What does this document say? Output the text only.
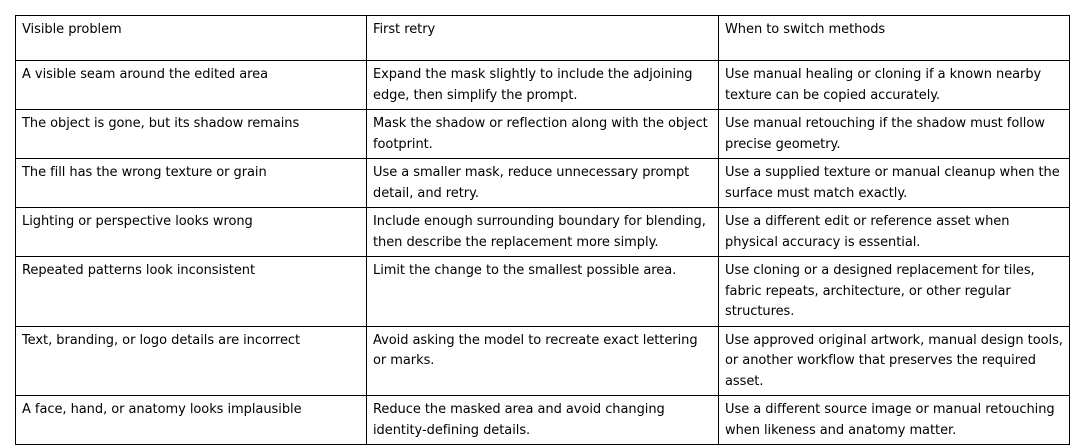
Visible problem	First retry	When to switch methods
A visible seam around the edited area	Expand the mask slightly to include the adjoining edge, then simplify the prompt.	Use manual healing or cloning if a known nearby texture can be copied accurately.
The object is gone, but its shadow remains	Mask the shadow or reflection along with the object footprint.	Use manual retouching if the shadow must follow precise geometry.
The fill has the wrong texture or grain	Use a smaller mask, reduce unnecessary prompt detail, and retry.	Use a supplied texture or manual cleanup when the surface must match exactly.
Lighting or perspective looks wrong	Include enough surrounding boundary for blending, then describe the replacement more simply.	Use a different edit or reference asset when physical accuracy is essential.
Repeated patterns look inconsistent	Limit the change to the smallest possible area.	Use cloning or a designed replacement for tiles, fabric repeats, architecture, or other regular structures.
Text, branding, or logo details are incorrect	Avoid asking the model to recreate exact lettering or marks.	Use approved original artwork, manual design tools, or another workflow that preserves the required asset.
A face, hand, or anatomy looks implausible	Reduce the masked area and avoid changing identity-defining details.	Use a different source image or manual retouching when likeness and anatomy matter.
